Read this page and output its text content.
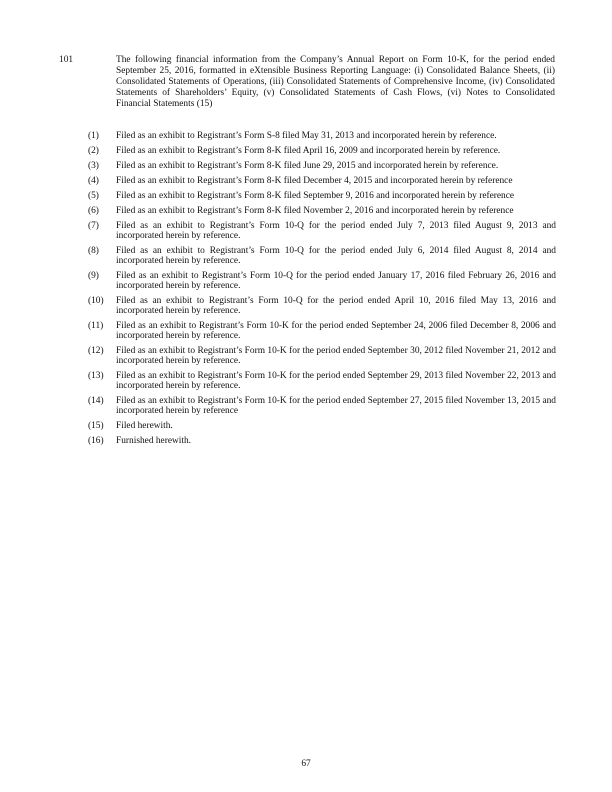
101	The following financial information from the Company’s Annual Report on Form 10-K, for the period ended September 25, 2016, formatted in eXtensible Business Reporting Language: (i) Consolidated Balance Sheets, (ii) Consolidated Statements of Operations, (iii) Consolidated Statements of Comprehensive Income, (iv) Consolidated Statements of Shareholders’ Equity, (v) Consolidated Statements of Cash Flows, (vi) Notes to Consolidated Financial Statements (15)
(1) Filed as an exhibit to Registrant’s Form S-8 filed May 31, 2013 and incorporated herein by reference.
(2) Filed as an exhibit to Registrant’s Form 8-K filed April 16, 2009 and incorporated herein by reference.
(3) Filed as an exhibit to Registrant’s Form 8-K filed June 29, 2015 and incorporated herein by reference.
(4) Filed as an exhibit to Registrant’s Form 8-K filed December 4, 2015 and incorporated herein by reference
(5) Filed as an exhibit to Registrant’s Form 8-K filed September 9, 2016 and incorporated herein by reference
(6) Filed as an exhibit to Registrant’s Form 8-K filed November 2, 2016 and incorporated herein by reference
(7) Filed as an exhibit to Registrant’s Form 10-Q for the period ended July 7, 2013 filed August 9, 2013 and incorporated herein by reference.
(8) Filed as an exhibit to Registrant’s Form 10-Q for the period ended July 6, 2014 filed August 8, 2014 and incorporated herein by reference.
(9) Filed as an exhibit to Registrant’s Form 10-Q for the period ended January 17, 2016 filed February 26, 2016 and incorporated herein by reference.
(10) Filed as an exhibit to Registrant’s Form 10-Q for the period ended April 10, 2016 filed May 13, 2016 and incorporated herein by reference.
(11) Filed as an exhibit to Registrant’s Form 10-K for the period ended September 24, 2006 filed December 8, 2006 and incorporated herein by reference.
(12) Filed as an exhibit to Registrant’s Form 10-K for the period ended September 30, 2012 filed November 21, 2012 and incorporated herein by reference.
(13) Filed as an exhibit to Registrant’s Form 10-K for the period ended September 29, 2013 filed November 22, 2013 and incorporated herein by reference.
(14) Filed as an exhibit to Registrant’s Form 10-K for the period ended September 27, 2015 filed November 13, 2015 and incorporated herein by reference
(15) Filed herewith.
(16) Furnished herewith.
67
